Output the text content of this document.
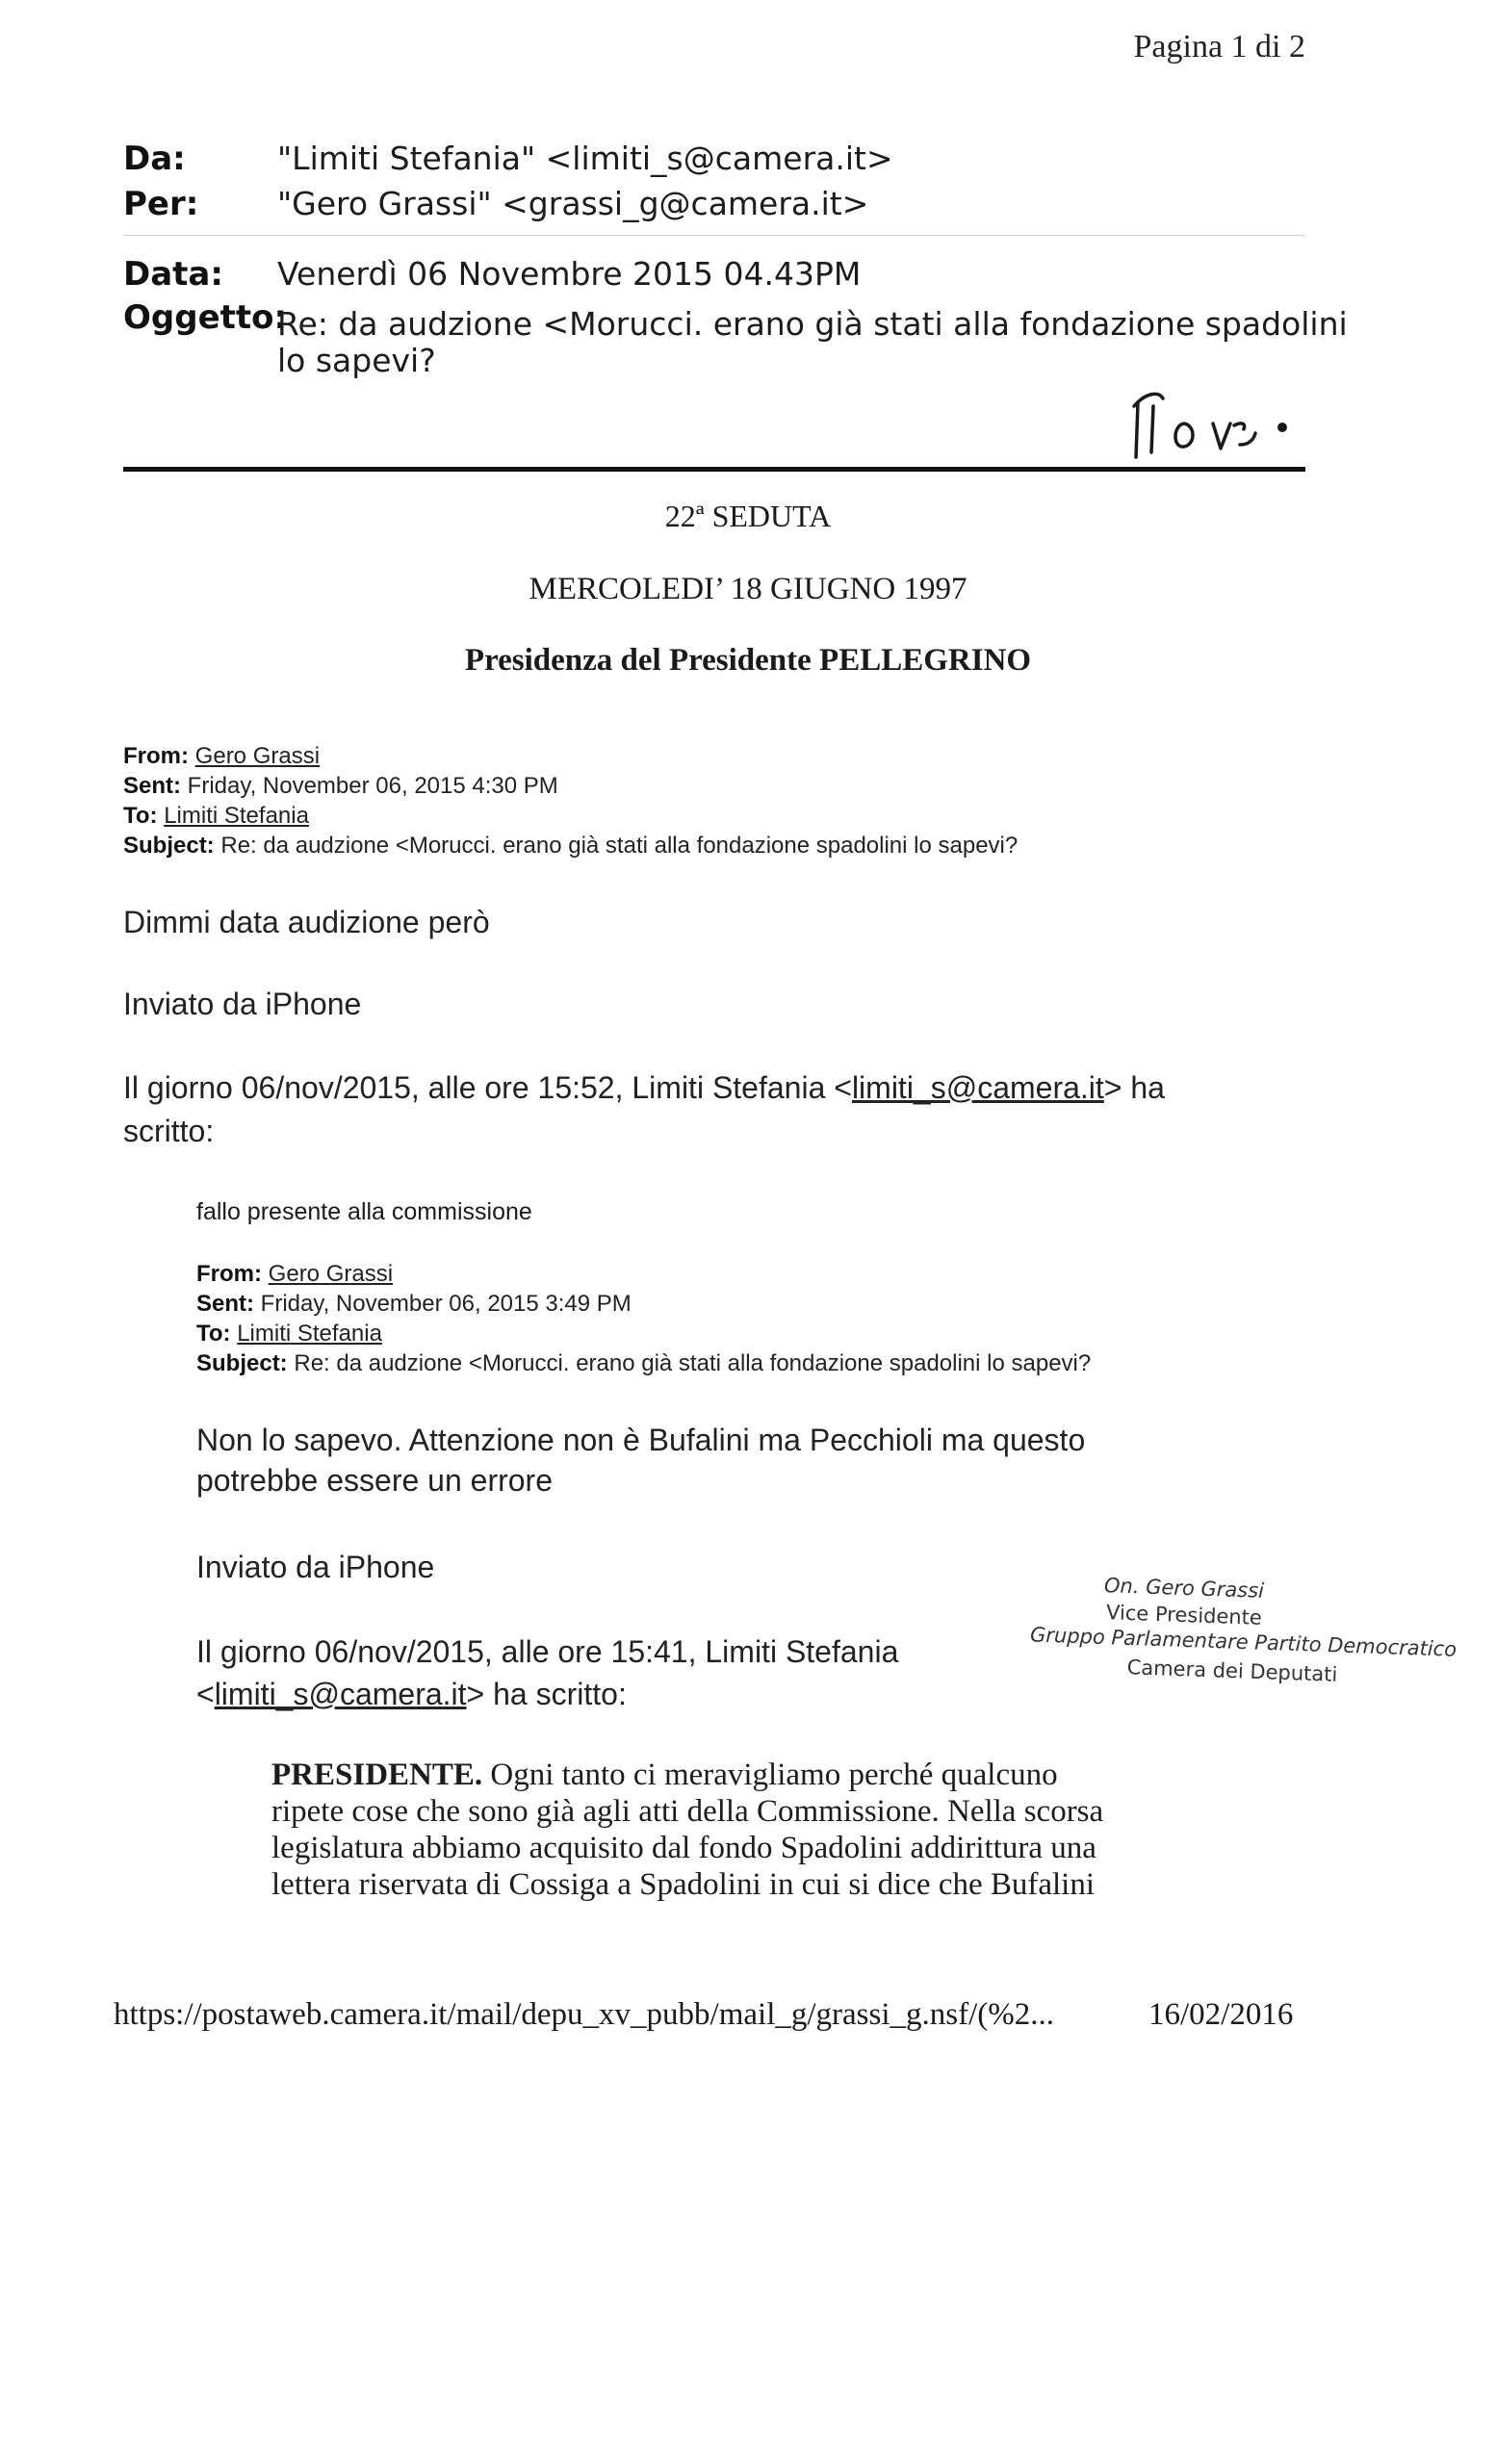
Pagina 1 di 2
Da:	"Limiti Stefania" <limiti_s@camera.it>
Per: "Gero Grassi" <grassi_g@camera.it>
Data: Venerdì 06 Novembre 2015 04.43PM
Oggetto:
Re: da audzione <Morucci. erano già stati alla fondazione spadolini
lo sapevi?
22ª SEDUTA
MERCOLEDI’ 18 GIUGNO 1997
Presidenza del Presidente PELLEGRINO
From: Gero Grassi
Sent: Friday, November 06, 2015 4:30 PM
To: Limiti Stefania
Subject: Re: da audzione <Morucci. erano già stati alla fondazione spadolini lo sapevi?
Dimmi data audizione però
Inviato da iPhone
Il giorno 06/nov/2015, alle ore 15:52, Limiti Stefania <limiti_s@camera.it> ha
scritto:
fallo presente alla commissione
From: Gero Grassi
Sent: Friday, November 06, 2015 3:49 PM
To: Limiti Stefania
Subject: Re: da audzione <Morucci. erano già stati alla fondazione spadolini lo sapevi?
Non lo sapevo. Attenzione non è Bufalini ma Pecchioli ma questo
potrebbe essere un errore
Inviato da iPhone
Il giorno 06/nov/2015, alle ore 15:41, Limiti Stefania
<limiti_s@camera.it> ha scritto:
On. Gero Grassi
Vice Presidente
Gruppo Parlamentare Partito Democratico
Camera dei Deputati
PRESIDENTE. Ogni tanto ci meravigliamo perché qualcuno
ripete cose che sono già agli atti della Commissione. Nella scorsa
legislatura abbiamo acquisito dal fondo Spadolini addirittura una
lettera riservata di Cossiga a Spadolini in cui si dice che Bufalini
https://postaweb.camera.it/mail/depu_xv_pubb/mail_g/grassi_g.nsf/(%2...	16/02/2016
